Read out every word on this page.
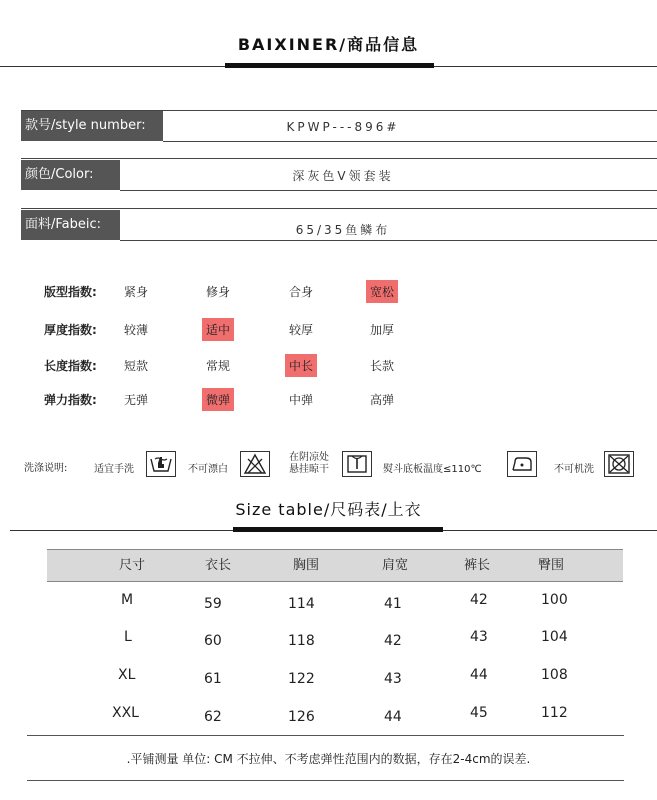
BAIXINER/商品信息
款号/style number:	KPWP---896#
颜色/Color:	深灰色V领套装
面料/Fabeic:	65/35鱼鳞布
版型指数:	紧身	修身	合身	宽松
厚度指数:	较薄	适中	较厚	加厚
长度指数:	短款	常规	中长	长款
弹力指数:	无弹	微弹	中弹	高弹
洗涤说明:	适宜手洗	不可漂白
在阴凉处
悬挂晾干	熨斗底板温度≤110℃	不可机洗
Size table/尺码表/上衣
尺寸	衣长	胸围	肩宽	裤长	臀围
M	59	114	41	42	100
L	60	118	42	43	104
XL	61	122	43	44	108
XXL	62	126	44	45	112
.平铺测量 单位: CM 不拉伸、不考虑弹性范围内的数据，存在2-4cm的误差.
